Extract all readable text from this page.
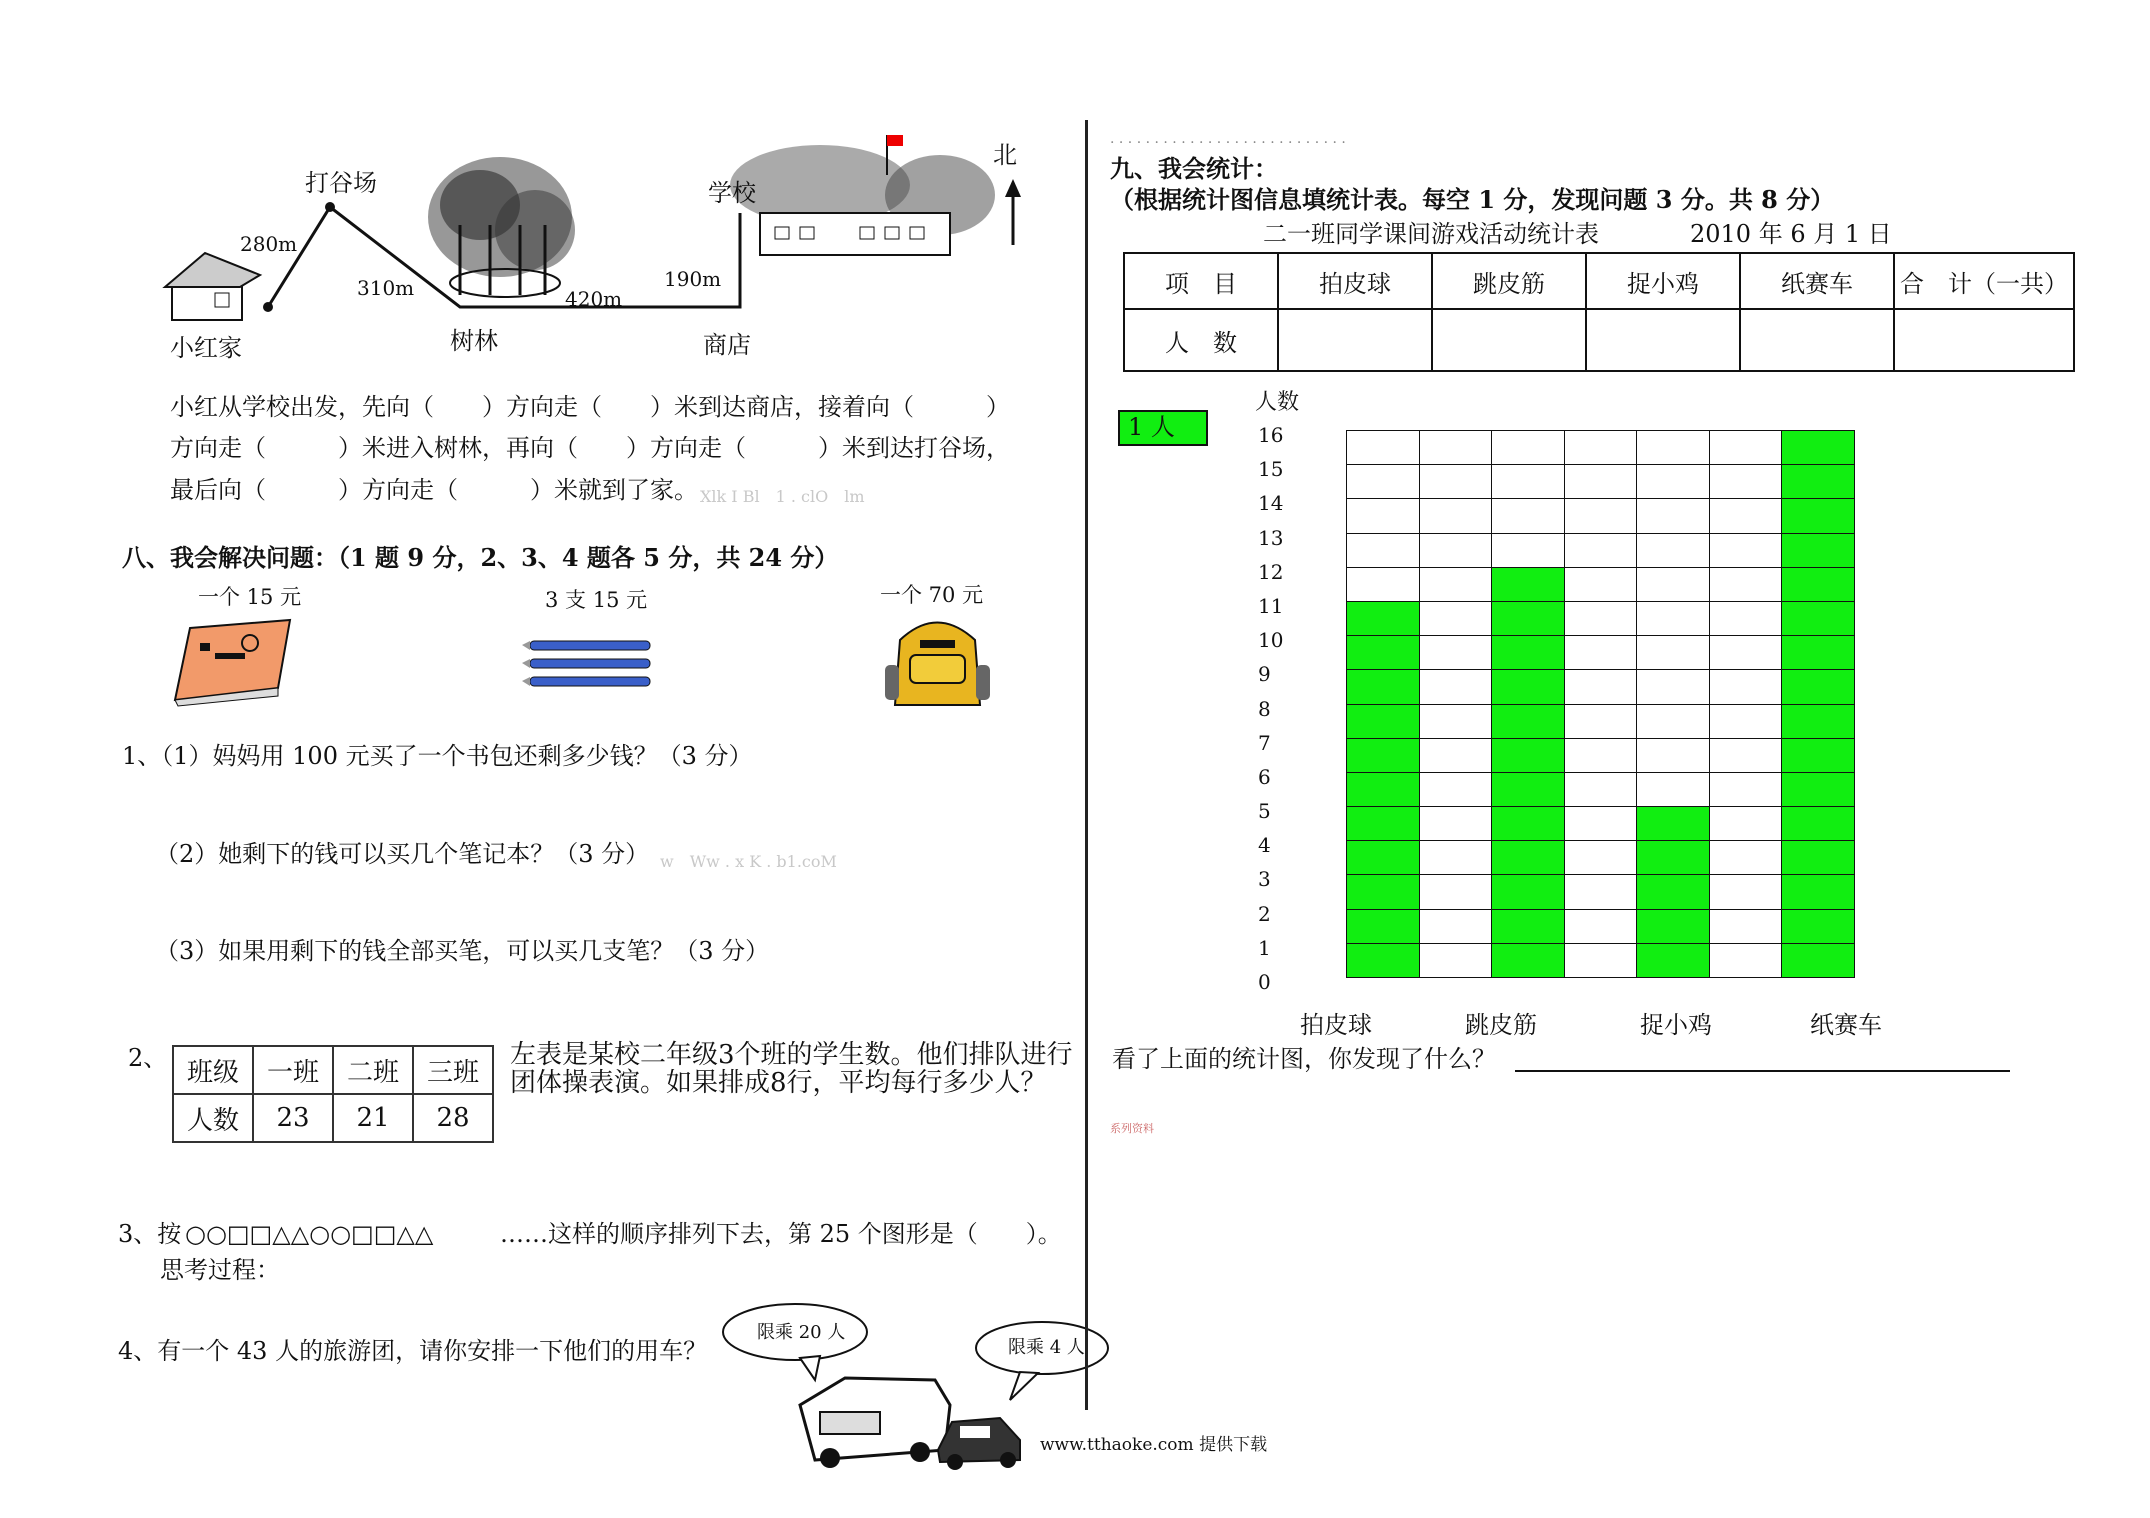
打谷场
小红家	树林	商店
学校
北
280m
310m	420m
190m
小红从学校出发，先向（　　）方向走（　　）米到达商店，接着向（　　　）
方向走（　　　）米进入树林，再向（　　）方向走（　　　）米到达打谷场，
最后向（　　　）方向走（　　　）米就到了家。 Xlk I Bl　1 . clO　lm
八、我会解决问题：（1 题 9 分，2、3、4 题各 5 分，共 24 分）
一个 15 元	3 支 15 元	一个 70 元
1、（1）妈妈用 100 元买了一个书包还剩多少钱？（3 分）
（2）她剩下的钱可以买几个笔记本？（3 分） w　Ww . x K . b1.coM
（3）如果用剩下的钱全部买笔，可以买几支笔？（3 分）
2、 班级	一班	二班	三班
人数	23	21	28
左表是某校二年级3个班的学生数。他们排队进行
团体操表演。如果排成8行，平均每行多少人？
3、按 ○○□□△△○○□□△△	……这样的顺序排列下去，第 25 个图形是（　　）。
思考过程：
4、有一个 43 人的旅游团，请你安排一下他们的用车？
限乘 20 人
限乘 4 人
www.tthaoke.com 提供下载
· · · · · · · · · · · · · · · · · · · · · · · · · · ·
九、我会统计：
（根据统计图信息填统计表。每空 1 分，发现问题 3 分。共 8 分）
二一班同学课间游戏活动统计表	2010 年 6 月 1 日
项　目	拍皮球	跳皮筋	捉小鸡	纸赛车	合　计（一共）
人　数					
1 人
人数
16
15
14
13
12
11
10
9
8
7
6
5
4
3
2
1
0
拍皮球	跳皮筋	捉小鸡	纸赛车
看了上面的统计图，你发现了什么？
系列资料
